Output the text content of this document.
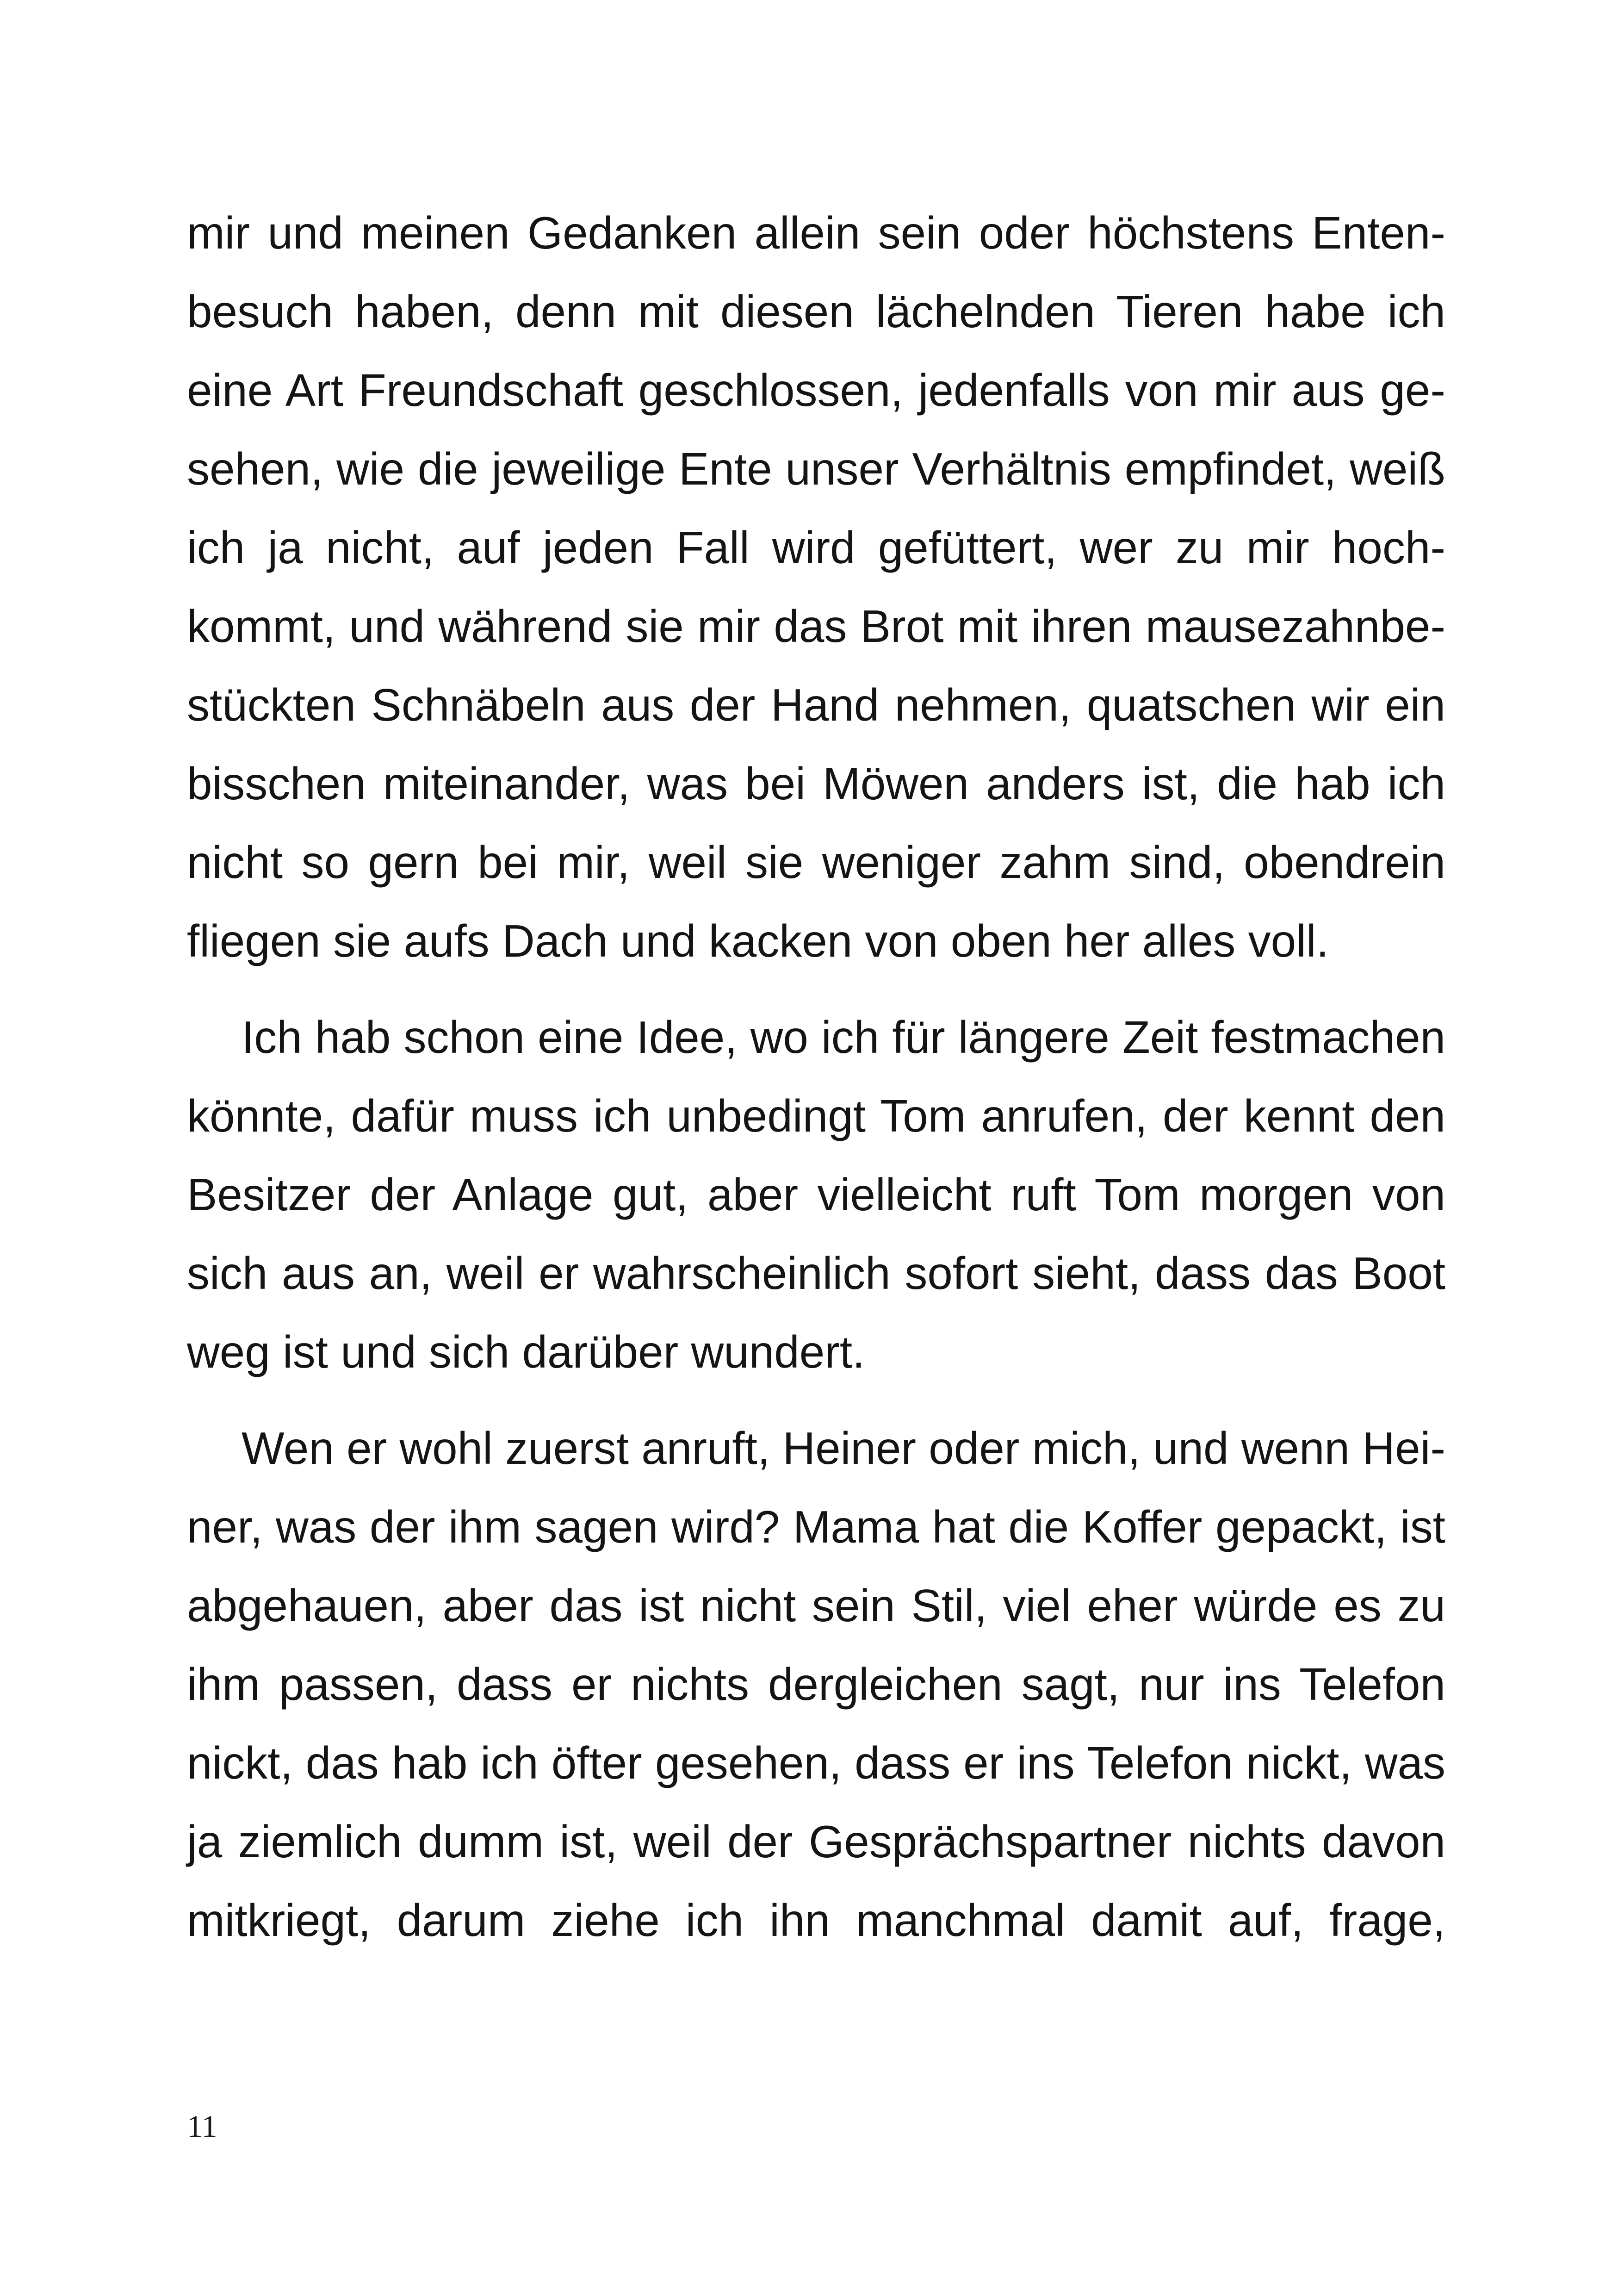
mir und meinen Gedanken allein sein oder höchstens Enten-
besuch haben, denn mit diesen lächelnden Tieren habe ich
eine Art Freundschaft geschlossen, jedenfalls von mir aus ge-
sehen, wie die jeweilige Ente unser Verhältnis empfindet, weiß
ich ja nicht, auf jeden Fall wird gefüttert, wer zu mir hoch-
kommt, und während sie mir das Brot mit ihren mausezahnbe-
stückten Schnäbeln aus der Hand nehmen, quatschen wir ein
bisschen miteinander, was bei Möwen anders ist, die hab ich
nicht so gern bei mir, weil sie weniger zahm sind, obendrein
fliegen sie aufs Dach und kacken von oben her alles voll.
Ich hab schon eine Idee, wo ich für längere Zeit festmachen
könnte, dafür muss ich unbedingt Tom anrufen, der kennt den
Besitzer der Anlage gut, aber vielleicht ruft Tom morgen von
sich aus an, weil er wahrscheinlich sofort sieht, dass das Boot
weg ist und sich darüber wundert.
Wen er wohl zuerst anruft, Heiner oder mich, und wenn Hei-
ner, was der ihm sagen wird? Mama hat die Koffer gepackt, ist
abgehauen, aber das ist nicht sein Stil, viel eher würde es zu
ihm passen, dass er nichts dergleichen sagt, nur ins Telefon
nickt, das hab ich öfter gesehen, dass er ins Telefon nickt, was
ja ziemlich dumm ist, weil der Gesprächspartner nichts davon
mitkriegt, darum ziehe ich ihn manchmal damit auf, frage,
11
